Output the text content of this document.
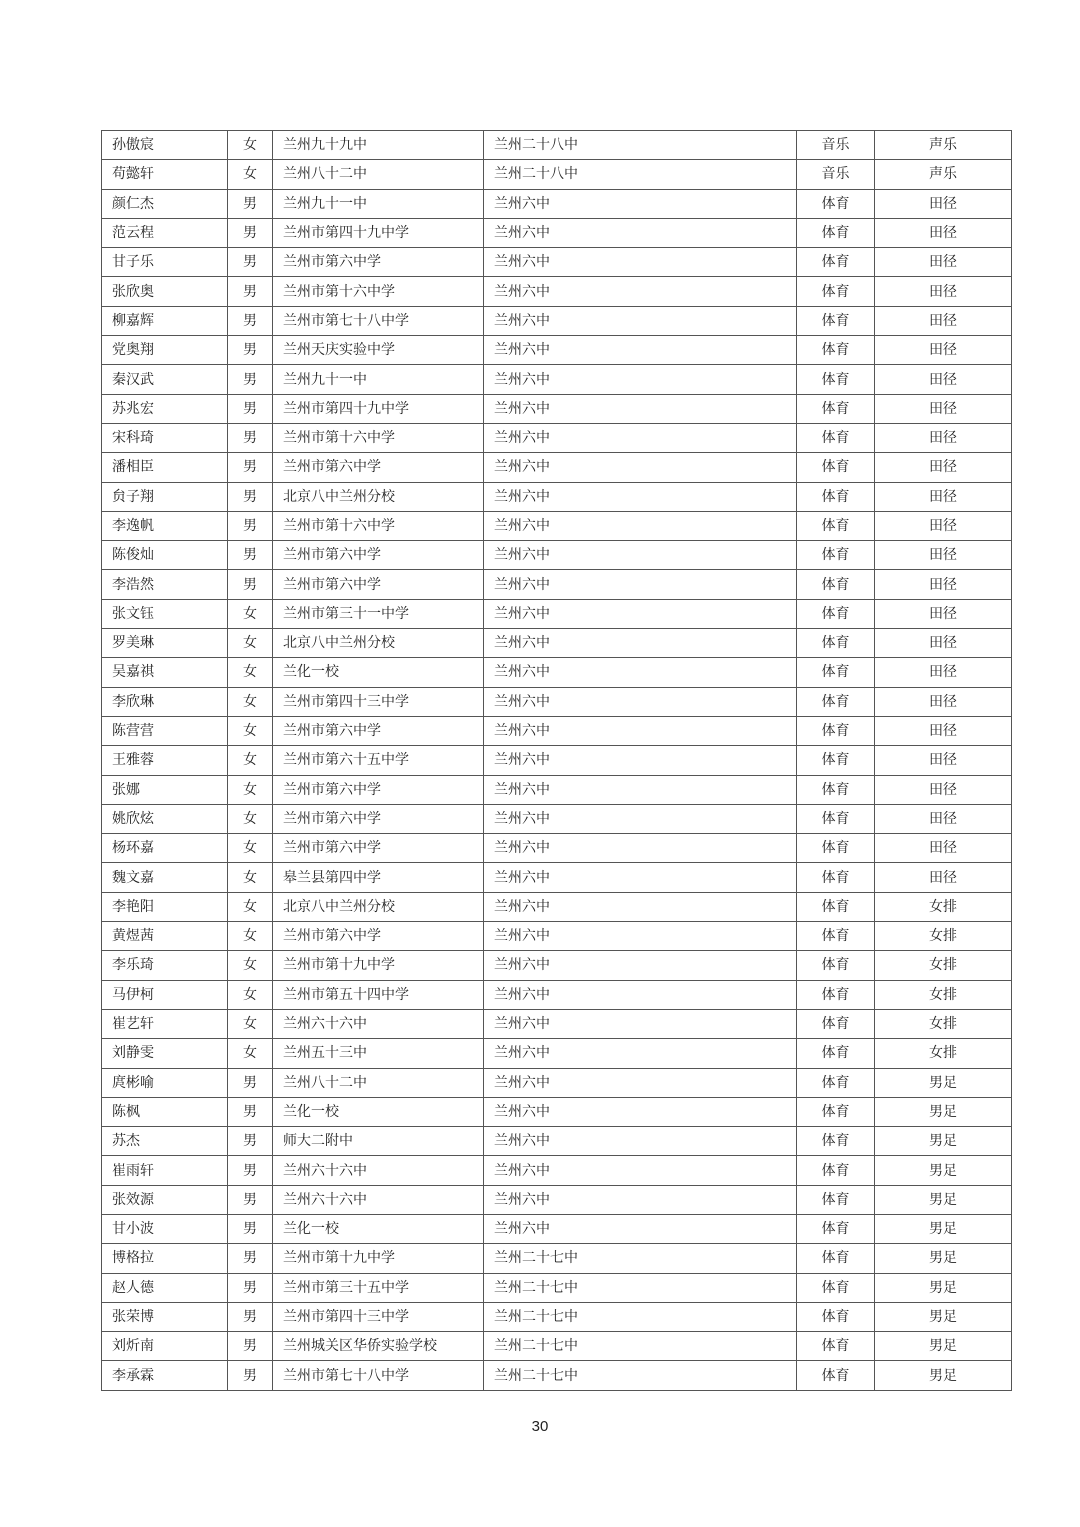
孙傲宸	女	兰州九十九中	兰州二十八中	音乐	声乐
苟懿轩	女	兰州八十二中	兰州二十八中	音乐	声乐
颜仁杰	男	兰州九十一中	兰州六中	体育	田径
范云程	男	兰州市第四十九中学	兰州六中	体育	田径
甘子乐	男	兰州市第六中学	兰州六中	体育	田径
张欣奥	男	兰州市第十六中学	兰州六中	体育	田径
柳嘉辉	男	兰州市第七十八中学	兰州六中	体育	田径
党奥翔	男	兰州天庆实验中学	兰州六中	体育	田径
秦汉武	男	兰州九十一中	兰州六中	体育	田径
苏兆宏	男	兰州市第四十九中学	兰州六中	体育	田径
宋科琦	男	兰州市第十六中学	兰州六中	体育	田径
潘相臣	男	兰州市第六中学	兰州六中	体育	田径
贠子翔	男	北京八中兰州分校	兰州六中	体育	田径
李逸帆	男	兰州市第十六中学	兰州六中	体育	田径
陈俊灿	男	兰州市第六中学	兰州六中	体育	田径
李浩然	男	兰州市第六中学	兰州六中	体育	田径
张文钰	女	兰州市第三十一中学	兰州六中	体育	田径
罗美琳	女	北京八中兰州分校	兰州六中	体育	田径
吴嘉祺	女	兰化一校	兰州六中	体育	田径
李欣琳	女	兰州市第四十三中学	兰州六中	体育	田径
陈营营	女	兰州市第六中学	兰州六中	体育	田径
王雅蓉	女	兰州市第六十五中学	兰州六中	体育	田径
张娜	女	兰州市第六中学	兰州六中	体育	田径
姚欣炫	女	兰州市第六中学	兰州六中	体育	田径
杨环嘉	女	兰州市第六中学	兰州六中	体育	田径
魏文嘉	女	皋兰县第四中学	兰州六中	体育	田径
李艳阳	女	北京八中兰州分校	兰州六中	体育	女排
黄煜茜	女	兰州市第六中学	兰州六中	体育	女排
李乐琦	女	兰州市第十九中学	兰州六中	体育	女排
马伊柯	女	兰州市第五十四中学	兰州六中	体育	女排
崔艺轩	女	兰州六十六中	兰州六中	体育	女排
刘静雯	女	兰州五十三中	兰州六中	体育	女排
庹彬喻	男	兰州八十二中	兰州六中	体育	男足
陈枫	男	兰化一校	兰州六中	体育	男足
苏杰	男	师大二附中	兰州六中	体育	男足
崔雨轩	男	兰州六十六中	兰州六中	体育	男足
张效源	男	兰州六十六中	兰州六中	体育	男足
甘小波	男	兰化一校	兰州六中	体育	男足
博格拉	男	兰州市第十九中学	兰州二十七中	体育	男足
赵人德	男	兰州市第三十五中学	兰州二十七中	体育	男足
张荣博	男	兰州市第四十三中学	兰州二十七中	体育	男足
刘炘南	男	兰州城关区华侨实验学校	兰州二十七中	体育	男足
李承霖	男	兰州市第七十八中学	兰州二十七中	体育	男足
30
